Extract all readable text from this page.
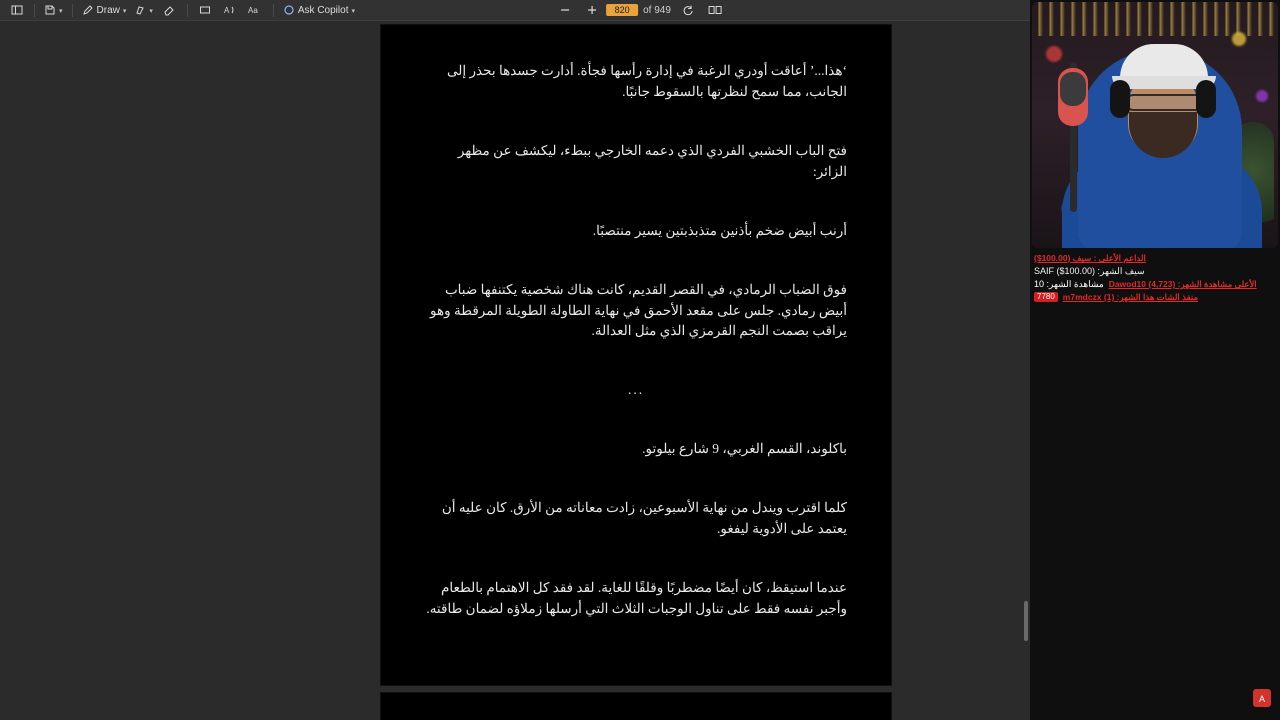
▾	Draw ▾	▾	A Aa	Ask Copilot ▾	820	of 949

‘هذا...’ أعاقت أودري الرغبة في إدارة رأسها فجأة. أدارت جسدها بحذر إلى الجانب، مما سمح لنظرتها بالسقوط جانبًا.

فتح الباب الخشبي الفردي الذي دعمه الخارجي ببطء، ليكشف عن مظهر الزائر:

أرنب أبيض ضخم بأذنين متذبذبتين يسير منتصبًا.

فوق الضباب الرمادي، في القصر القديم، كانت هناك شخصية يكتنفها ضباب أبيض رمادي. جلس على مقعد الأحمق في نهاية الطاولة الطويلة المرقطة وهو يراقب بصمت النجم القرمزي الذي مثل العدالة.

...

باكلوند، القسم الغربي، 9 شارع بيلوتو.

كلما اقترب ويندل من نهاية الأسبوعين، زادت معاناته من الأرق. كان عليه أن يعتمد على الأدوية ليفغو.

عندما استيقظ، كان أيضًا مضطربًا وقلقًا للغاية. لقد فقد كل الاهتمام بالطعام وأجبر نفسه فقط على تناول الوجبات الثلاث التي أرسلها زملاؤه لضمان طاقته.

الداعم الأعلى : سيف (100.00$)
سيف الشهر: SAIF ($100.00)
الأعلى مشاهدة الشهر: Dawod10 (4,723)
مشاهدة الشهر: 10
منفذ الشات هذا الشهر: m7mdczx (1)
7780
A
